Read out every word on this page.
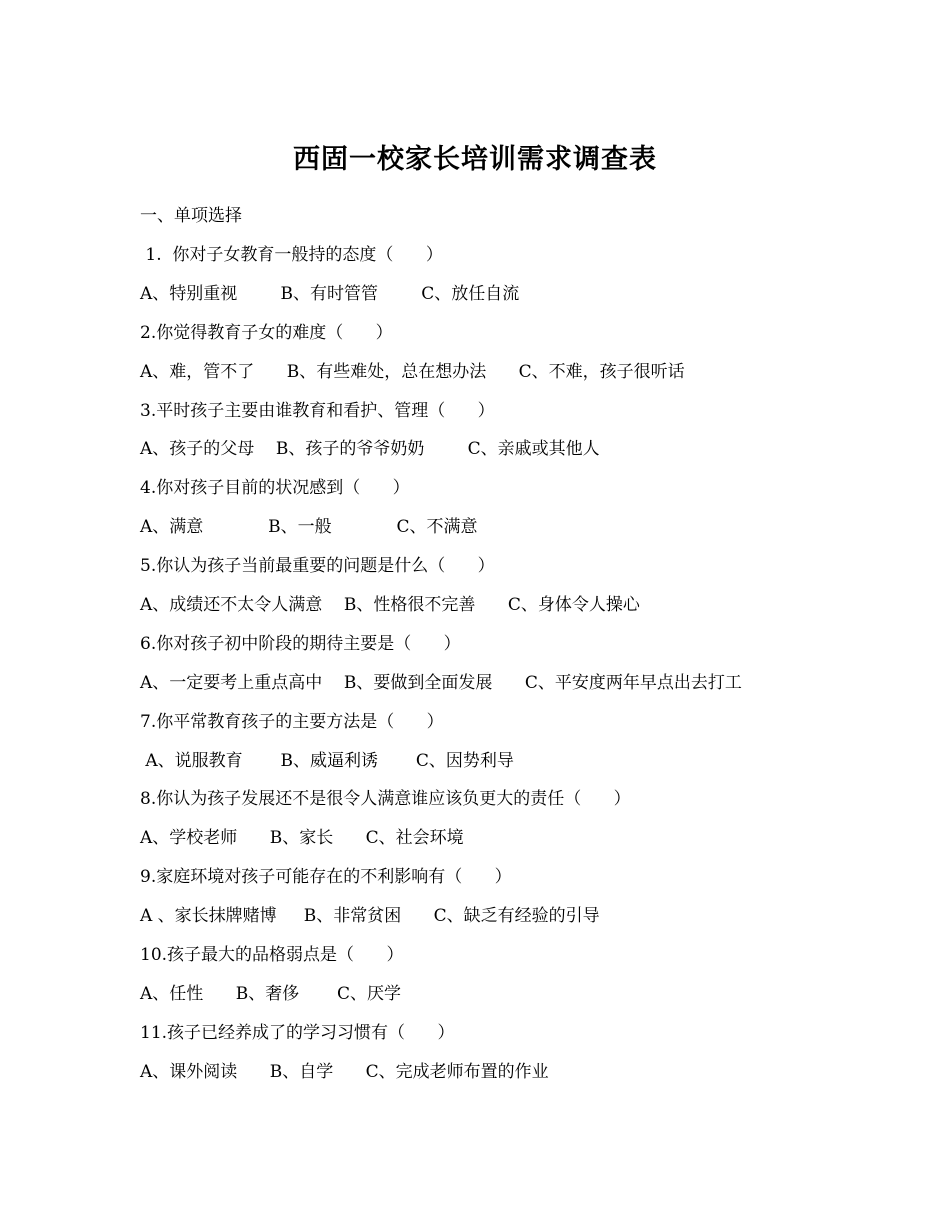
西固一校家长培训需求调查表
一、单项选择
1.  你对子女教育一般持的态度（      ）
A、特别重视	B、有时管管	C、放任自流
2.你觉得教育子女的难度（      ）
A、难，管不了 B、有些难处，总在想办法 C、不难，孩子很听话
3.平时孩子主要由谁教育和看护、管理（      ）
A、孩子的父母 B、孩子的爷爷奶奶	C、亲戚或其他人
4.你对孩子目前的状况感到（      ）
A、满意	B、一般	C、不满意
5.你认为孩子当前最重要的问题是什么（      ）
A、成绩还不太令人满意 B、性格很不完善 C、身体令人操心
6.你对孩子初中阶段的期待主要是（      ）
A、一定要考上重点高中 B、要做到全面发展 C、平安度两年早点出去打工
7.你平常教育孩子的主要方法是（      ）
A、说服教育 B、威逼利诱 C、因势利导
8.你认为孩子发展还不是很令人满意谁应该负更大的责任（      ）
A、学校老师 B、家长 C、社会环境
9.家庭环境对孩子可能存在的不利影响有（      ）
A 、家长抹牌赌博 B、非常贫困 C、缺乏有经验的引导
10.孩子最大的品格弱点是（      ）
A、任性 B、奢侈 C、厌学
11.孩子已经养成了的学习习惯有（      ）
A、课外阅读 B、自学 C、完成老师布置的作业
